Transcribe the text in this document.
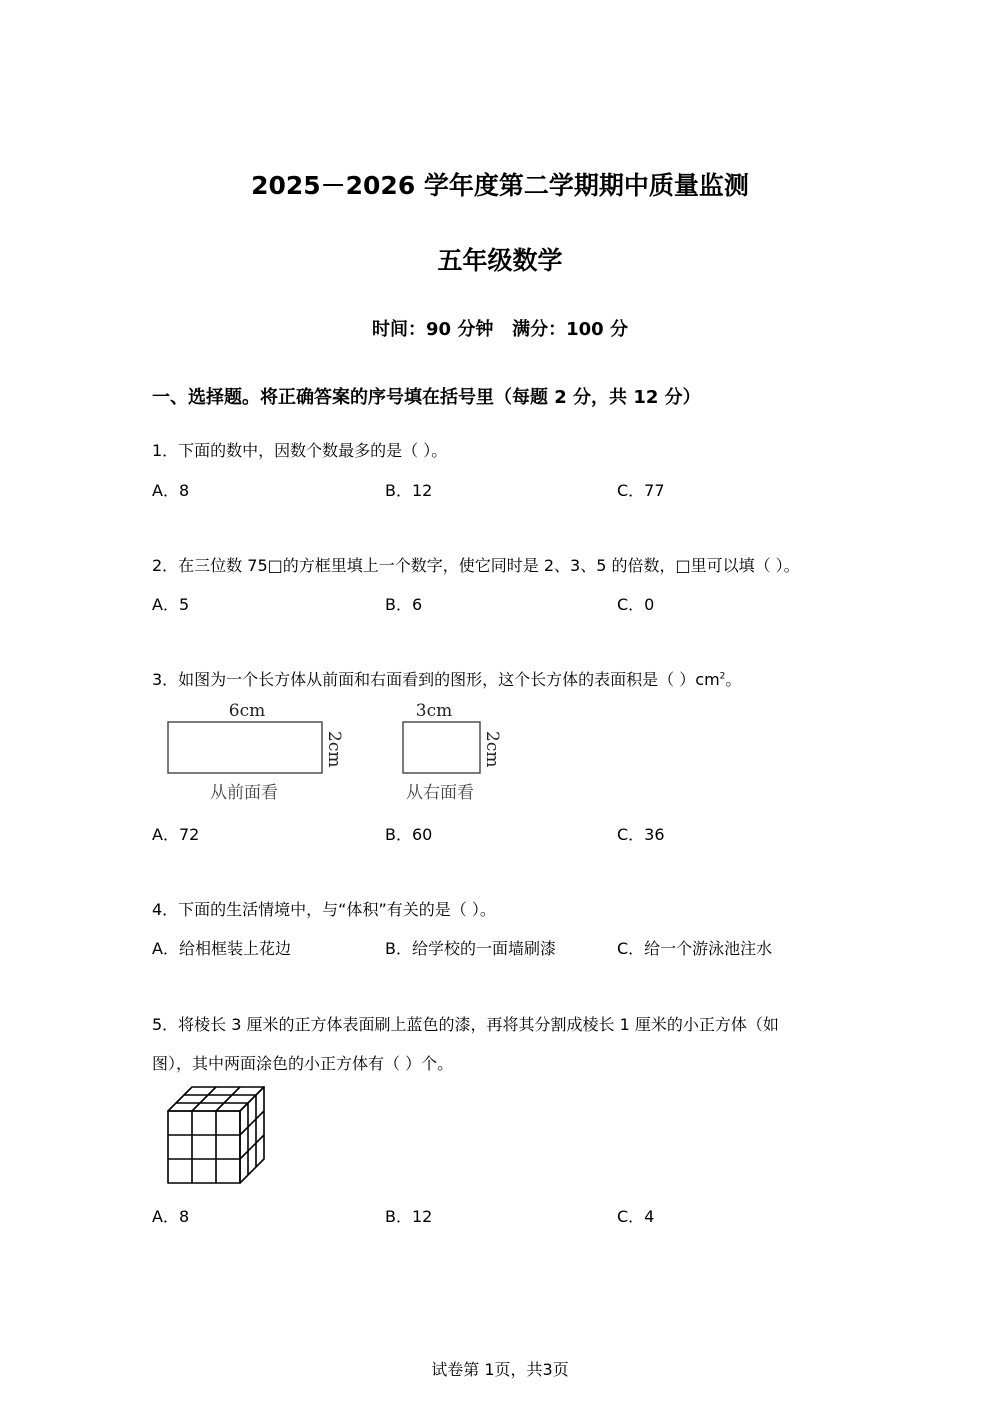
2025－2026 学年度第二学期期中质量监测
五年级数学
时间：90 分钟   满分：100 分
一、选择题。将正确答案的序号填在括号里（每题 2 分，共 12 分）
1．下面的数中，因数个数最多的是（ ）。
A．8	B．12	C．77
2．在三位数 75□的方框里填上一个数字，使它同时是 2、3、5 的倍数，□里可以填（ ）。
A．5	B．6	C．0
3．如图为一个长方体从前面和右面看到的图形，这个长方体的表面积是（ ）$cm^2$。
6cm
2cm
从前面看
3cm
2cm
从右面看
A．72	B．60	C．36
4．下面的生活情境中，与“体积”有关的是（ ）。
A．给相框装上花边	B．给学校的一面墙刷漆	C．给一个游泳池注水
5．将棱长 3 厘米的正方体表面刷上蓝色的漆，再将其分割成棱长 1 厘米的小正方体（如
图），其中两面涂色的小正方体有（ ）个。
A．8	B．12	C．4
试卷第 1页，共3页
